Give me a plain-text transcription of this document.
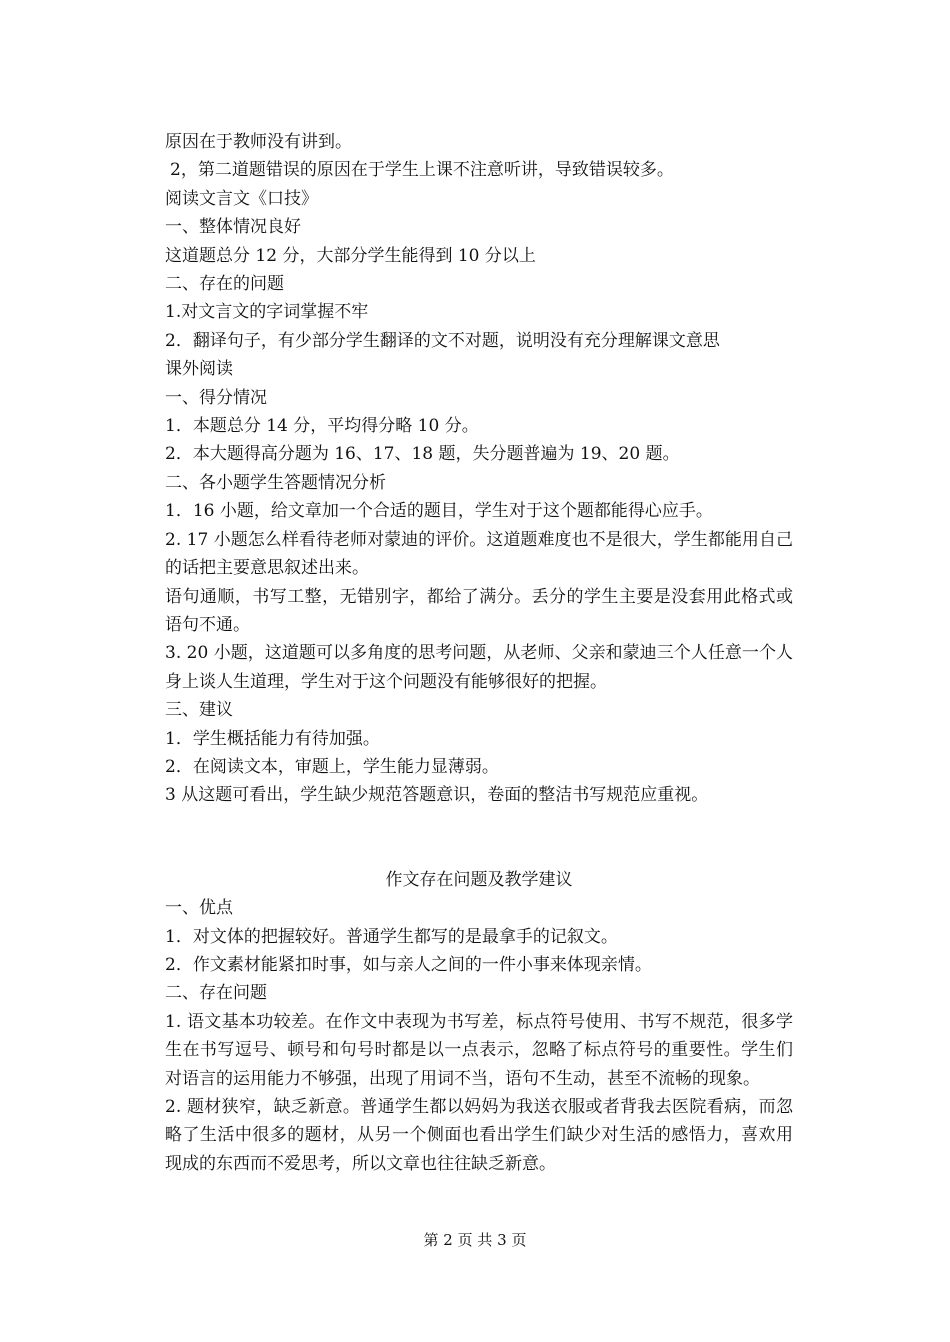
原因在于教师没有讲到。

2，第二道题错误的原因在于学生上课不注意听讲，导致错误较多。

阅读文言文《口技》

一、整体情况良好

这道题总分 12 分，大部分学生能得到 10 分以上

二、存在的问题

1.对文言文的字词掌握不牢

2．翻译句子，有少部分学生翻译的文不对题，说明没有充分理解课文意思

课外阅读

一、得分情况

1．本题总分 14 分，平均得分略 10 分。

2．本大题得高分题为 16、17、18 题，失分题普遍为 19、20 题。

二、各小题学生答题情况分析

1．16 小题，给文章加一个合适的题目，学生对于这个题都能得心应手。

2. 17 小题怎么样看待老师对蒙迪的评价。这道题难度也不是很大，学生都能用自己的话把主要意思叙述出来。

语句通顺，书写工整，无错别字，都给了满分。丢分的学生主要是没套用此格式或语句不通。

3. 20 小题，这道题可以多角度的思考问题，从老师、父亲和蒙迪三个人任意一个人身上谈人生道理，学生对于这个问题没有能够很好的把握。

三、建议

1．学生概括能力有待加强。

2．在阅读文本，审题上，学生能力显薄弱。

3 从这题可看出，学生缺少规范答题意识，卷面的整洁书写规范应重视。

作文存在问题及教学建议

一、优点

1．对文体的把握较好。普通学生都写的是最拿手的记叙文。

2．作文素材能紧扣时事，如与亲人之间的一件小事来体现亲情。

二、存在问题

1. 语文基本功较差。在作文中表现为书写差，标点符号使用、书写不规范，很多学生在书写逗号、顿号和句号时都是以一点表示，忽略了标点符号的重要性。学生们对语言的运用能力不够强，出现了用词不当，语句不生动，甚至不流畅的现象。

2. 题材狭窄，缺乏新意。普通学生都以妈妈为我送衣服或者背我去医院看病，而忽略了生活中很多的题材，从另一个侧面也看出学生们缺少对生活的感悟力，喜欢用现成的东西而不爱思考，所以文章也往往缺乏新意。

第 2 页 共 3 页
